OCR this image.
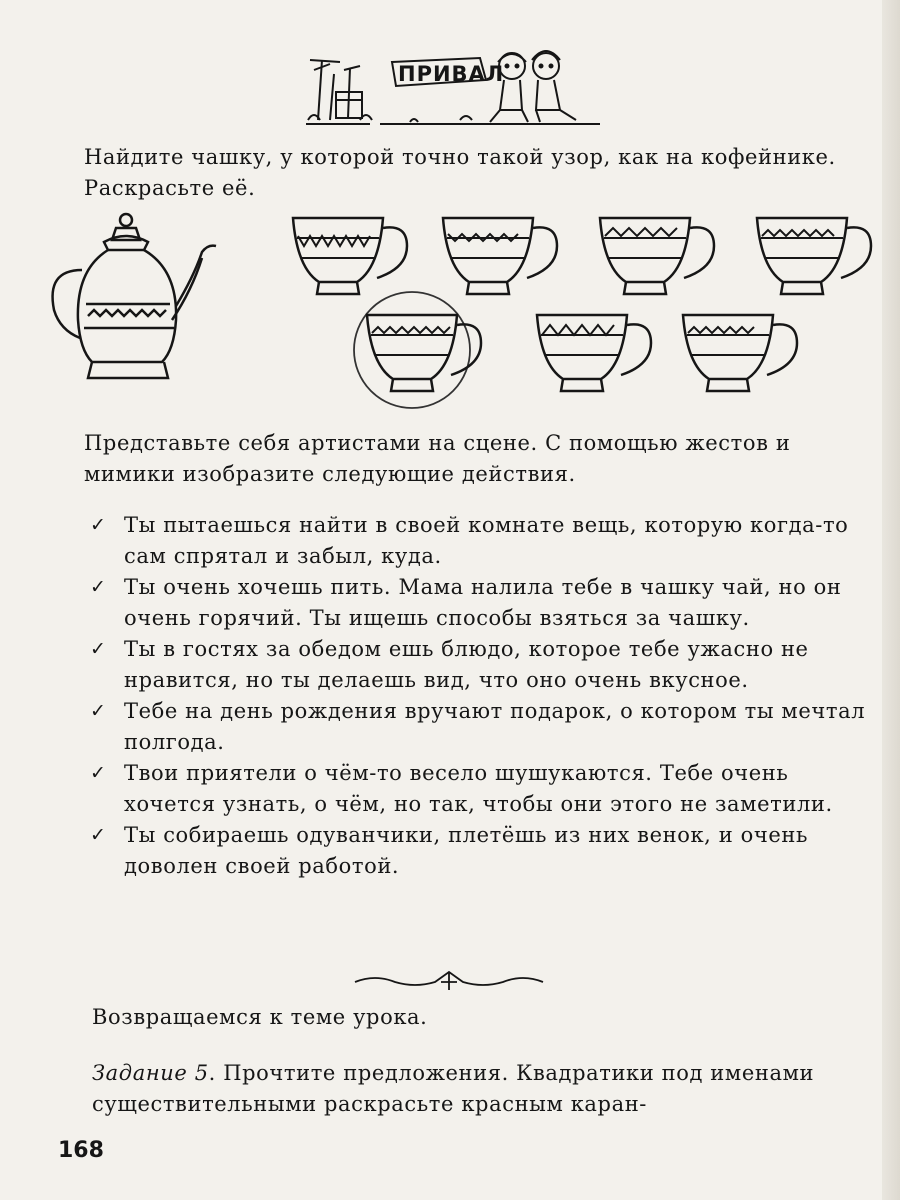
ПРИВАЛ

Найдите чашку, у которой точно такой узор, как на кофейнике. Раскрасьте её.

Представьте себя артистами на сцене. С помощью жестов и мимики изобразите следующие действия.

✓ Ты пытаешься найти в своей комнате вещь, которую когда-то сам спрятал и забыл, куда.
✓ Ты очень хочешь пить. Мама налила тебе в чашку чай, но он очень горячий. Ты ищешь способы взяться за чашку.
✓ Ты в гостях за обедом ешь блюдо, которое тебе ужасно не нравится, но ты делаешь вид, что оно очень вкусное.
✓ Тебе на день рождения вручают подарок, о котором ты мечтал полгода.
✓ Твои приятели о чём-то весело шушукаются. Тебе очень хочется узнать, о чём, но так, чтобы они этого не заметили.
✓ Ты собираешь одуванчики, плетёшь из них венок, и очень доволен своей работой.

Возвращаемся к теме урока.

Задание 5. Прочтите предложения. Квадратики под именами существительными раскрасьте красным каран-

168
